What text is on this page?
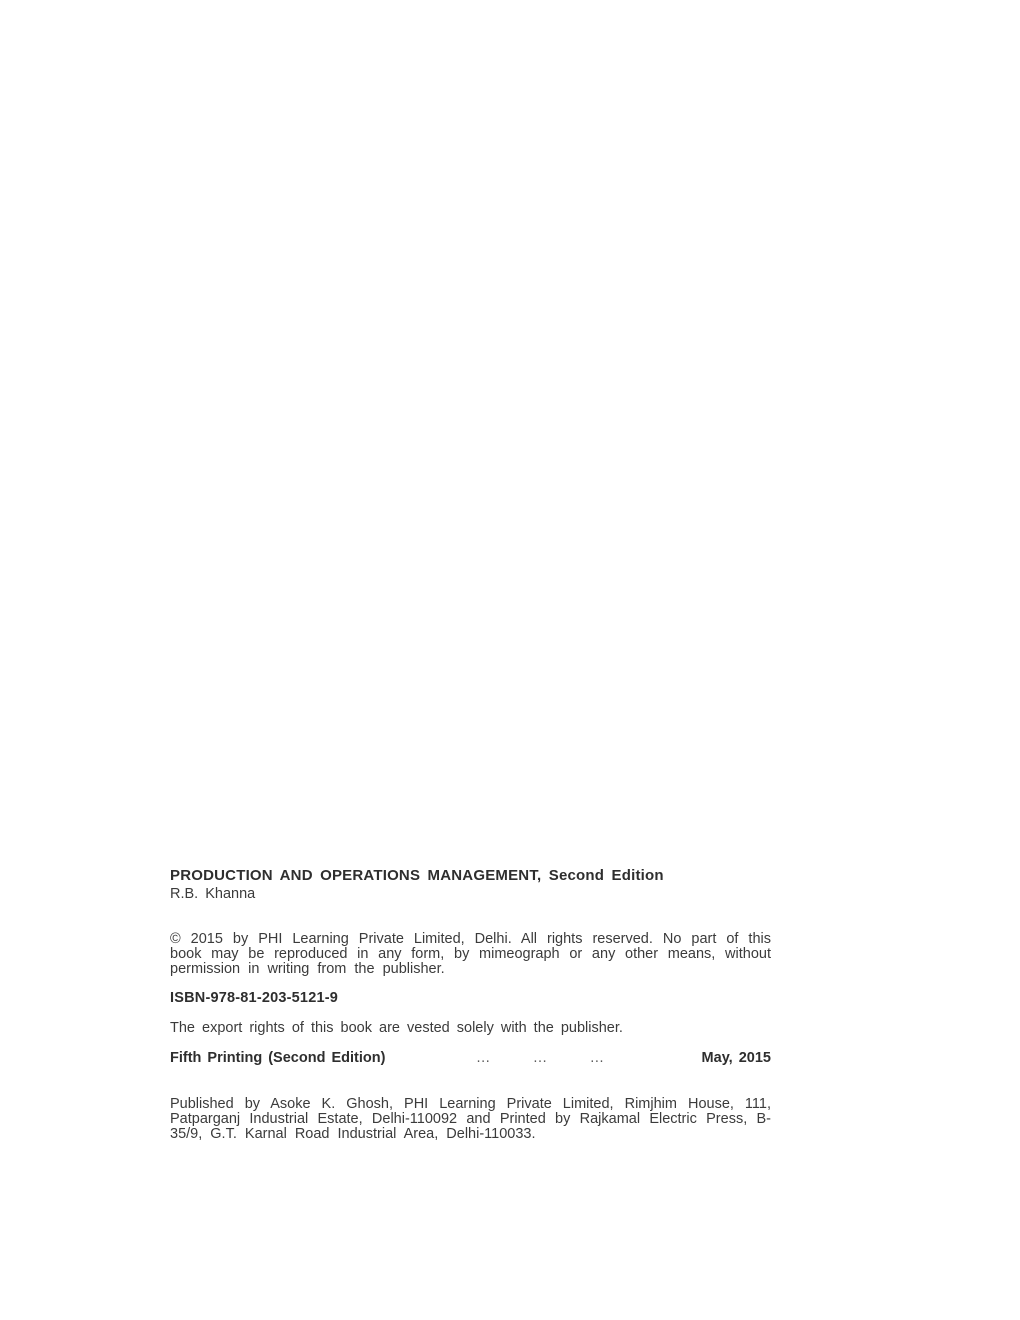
PRODUCTION AND OPERATIONS MANAGEMENT, Second Edition
R.B. Khanna
© 2015 by PHI Learning Private Limited, Delhi. All rights reserved. No part of this book may be reproduced in any form, by mimeograph or any other means, without permission in writing from the publisher.
ISBN-978-81-203-5121-9
The export rights of this book are vested solely with the publisher.
Fifth Printing (Second Edition)	…	…	…	May, 2015
Published by Asoke K. Ghosh, PHI Learning Private Limited, Rimjhim House, 111, Patparganj Industrial Estate, Delhi-110092 and Printed by Rajkamal Electric Press, B-35/9, G.T. Karnal Road Industrial Area, Delhi-110033.
